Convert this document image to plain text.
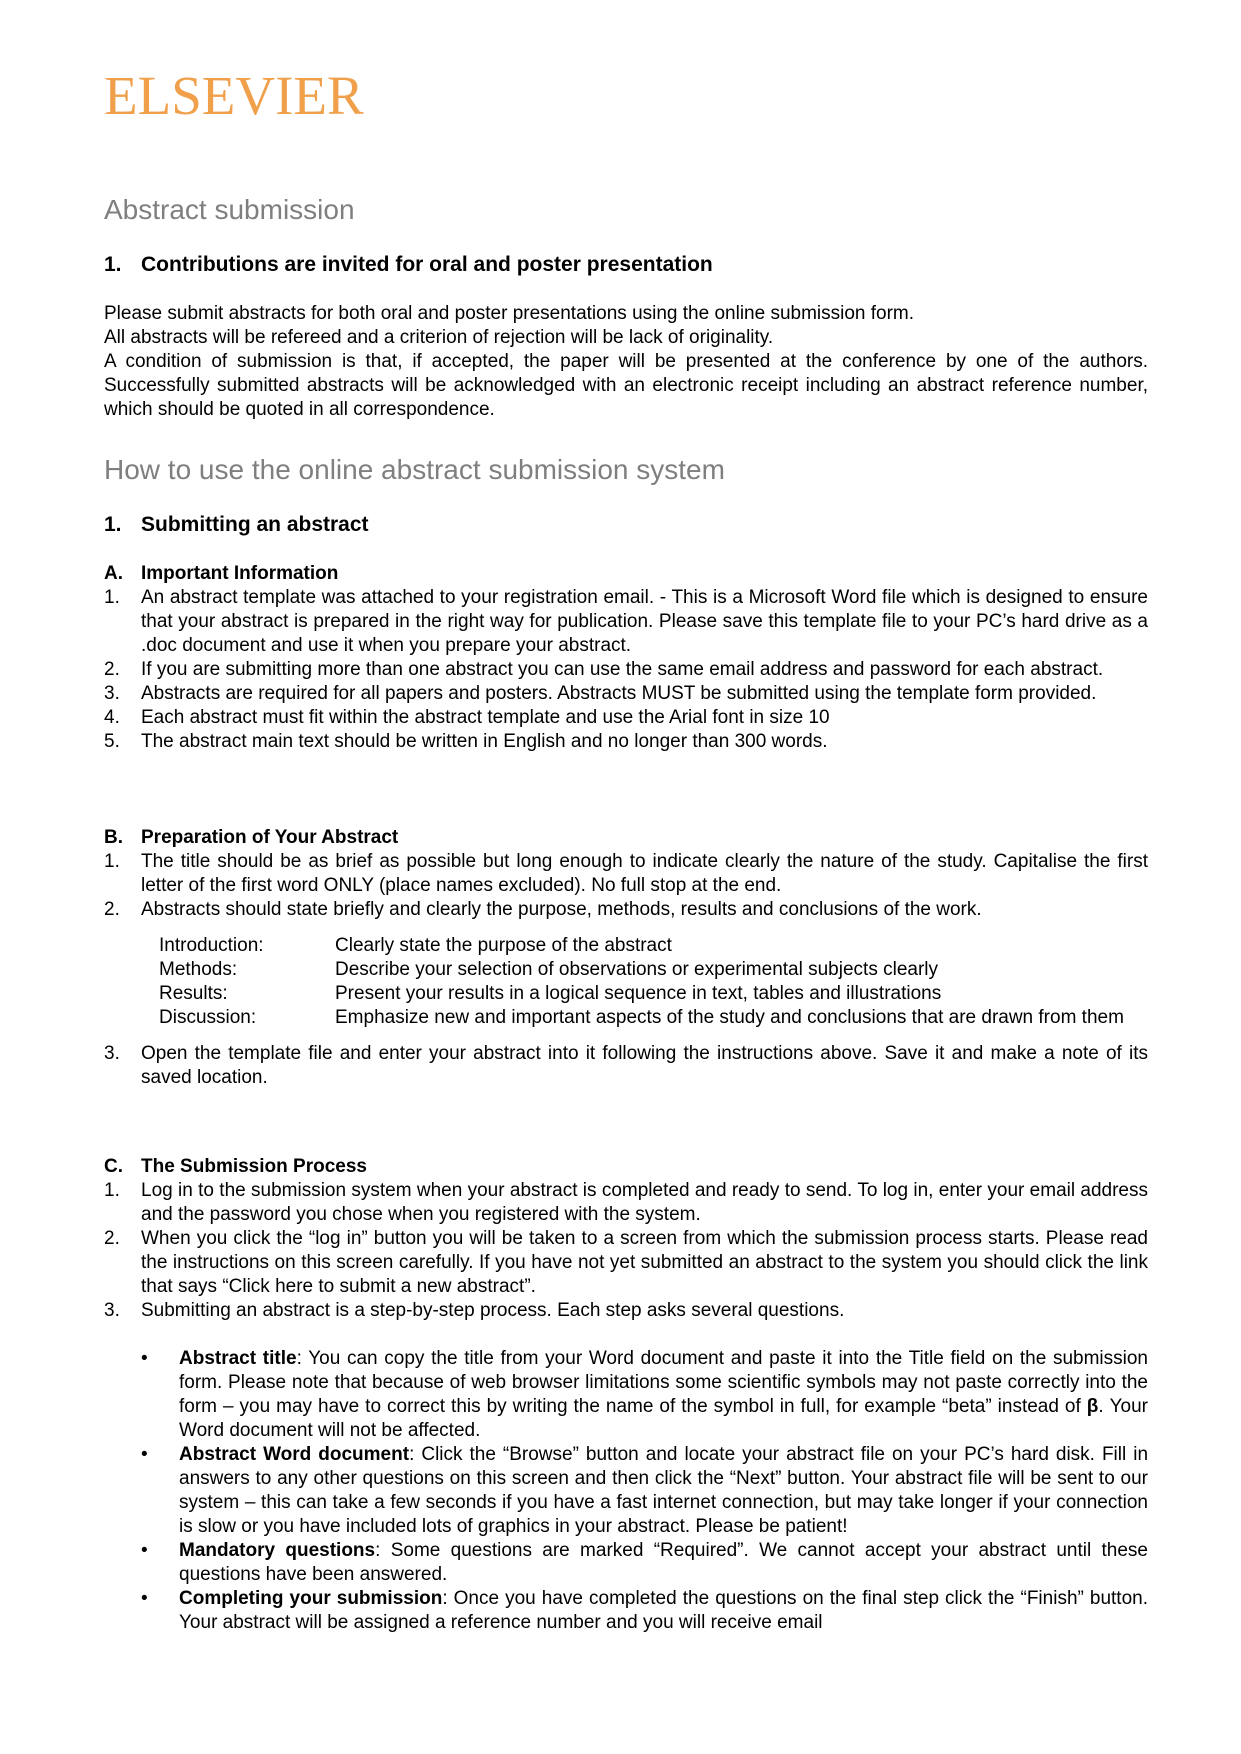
ELSEVIER
Abstract submission
1. Contributions are invited for oral and poster presentation

Please submit abstracts for both oral and poster presentations using the online submission form.

All abstracts will be refereed and a criterion of rejection will be lack of originality.

A condition of submission is that, if accepted, the paper will be presented at the conference by one of the authors. Successfully submitted abstracts will be acknowledged with an electronic receipt including an abstract reference number, which should be quoted in all correspondence.

How to use the online abstract submission system
1. Submitting an abstract
A. Important Information
1. An abstract template was attached to your registration email. - This is a Microsoft Word file which is designed to ensure that your abstract is prepared in the right way for publication. Please save this template file to your PC’s hard drive as a .doc document and use it when you prepare your abstract.
2. If you are submitting more than one abstract you can use the same email address and password for each abstract.
3. Abstracts are required for all papers and posters. Abstracts MUST be submitted using the template form provided.
4. Each abstract must fit within the abstract template and use the Arial font in size 10
5. The abstract main text should be written in English and no longer than 300 words.
B. Preparation of Your Abstract
1. The title should be as brief as possible but long enough to indicate clearly the nature of the study. Capitalise the first letter of the first word ONLY (place names excluded). No full stop at the end.
2. Abstracts should state briefly and clearly the purpose, methods, results and conclusions of the work.
Introduction:	Clearly state the purpose of the abstract
Methods:	Describe your selection of observations or experimental subjects clearly
Results:	Present your results in a logical sequence in text, tables and illustrations
Discussion:	Emphasize new and important aspects of the study and conclusions that are drawn from them
3. Open the template file and enter your abstract into it following the instructions above. Save it and make a note of its saved location.
C. The Submission Process
1. Log in to the submission system when your abstract is completed and ready to send. To log in, enter your email address and the password you chose when you registered with the system.
2. When you click the “log in” button you will be taken to a screen from which the submission process starts. Please read the instructions on this screen carefully. If you have not yet submitted an abstract to the system you should click the link that says “Click here to submit a new abstract”.
3. Submitting an abstract is a step-by-step process. Each step asks several questions.
•	Abstract title: You can copy the title from your Word document and paste it into the Title field on the submission form. Please note that because of web browser limitations some scientific symbols may not paste correctly into the form – you may have to correct this by writing the name of the symbol in full, for example “beta” instead of β. Your Word document will not be affected.
•	Abstract Word document: Click the “Browse” button and locate your abstract file on your PC’s hard disk. Fill in answers to any other questions on this screen and then click the “Next” button. Your abstract file will be sent to our system – this can take a few seconds if you have a fast internet connection, but may take longer if your connection is slow or you have included lots of graphics in your abstract. Please be patient!
•	Mandatory questions: Some questions are marked “Required”. We cannot accept your abstract until these questions have been answered.
•	Completing your submission: Once you have completed the questions on the final step click the “Finish” button. Your abstract will be assigned a reference number and you will receive email
